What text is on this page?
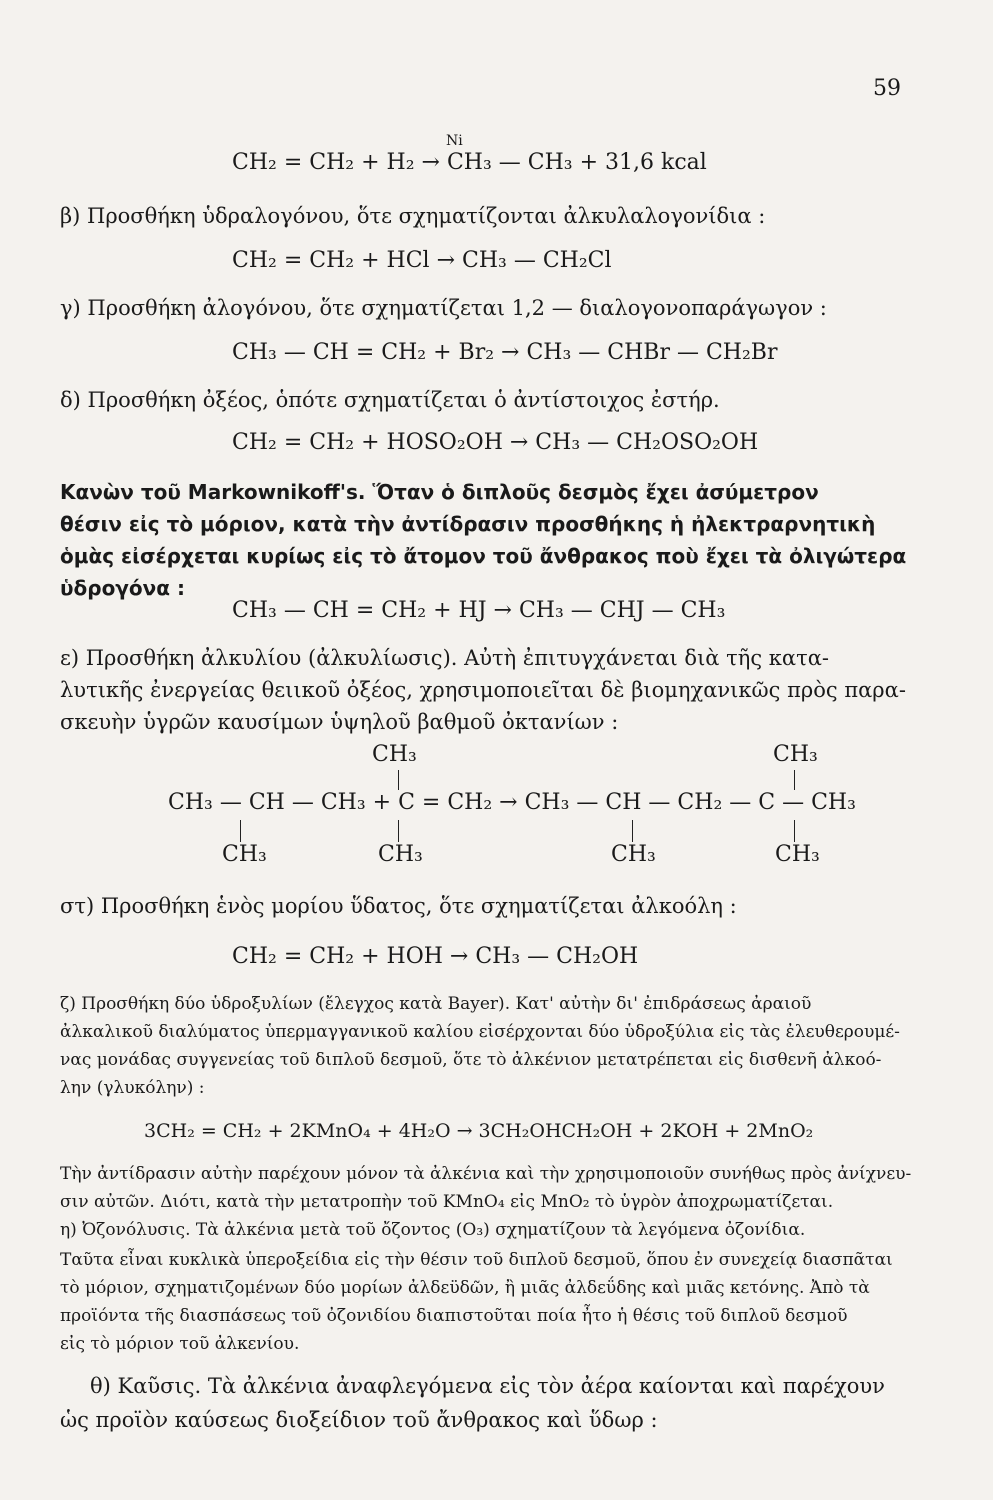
59
Ni
CH₂ = CH₂ + H₂ → CH₃ — CH₃ + 31,6 kcal
β) Προσθήκη ὑδραλογόνου, ὅτε σχηματίζονται ἀλκυλαλογονίδια :
CH₂ = CH₂ + HCl → CH₃ — CH₂Cl
γ) Προσθήκη ἀλογόνου, ὅτε σχηματίζεται 1,2 — διαλογονοπαράγωγον :
CH₃ — CH = CH₂ + Br₂ → CH₃ — CHBr — CH₂Br
δ) Προσθήκη ὀξέος, ὁπότε σχηματίζεται ὁ ἀντίστοιχος ἐστήρ.
CH₂ = CH₂ + HOSO₂OH → CH₃ — CH₂OSO₂OH
Κανὼν τοῦ Markownikoff's. Ὅταν ὁ διπλοῦς δεσμὸς ἔχει ἀσύμετρον
θέσιν εἰς τὸ μόριον, κατὰ τὴν ἀντίδρασιν προσθήκης ἡ ἠλεκτραρνητικὴ
ὁμὰς εἰσέρχεται κυρίως εἰς τὸ ἄτομον τοῦ ἄνθρακος ποὺ ἔχει τὰ ὀλιγώτερα
ὑδρογόνα :
CH₃ — CH = CH₂ + HJ → CH₃ — CHJ — CH₃
ε) Προσθήκη ἀλκυλίου (ἀλκυλίωσις). Αὐτὴ ἐπιτυγχάνεται διὰ τῆς κατα-
λυτικῆς ἐνεργείας θειικοῦ ὀξέος, χρησιμοποιεῖται δὲ βιομηχανικῶς πρὸς παρα-
σκευὴν ὑγρῶν καυσίμων ὑψηλοῦ βαθμοῦ ὀκτανίων :
CH₃	CH₃
CH₃ — CH — CH₃ + C = CH₂ → CH₃ — CH — CH₂ — C — CH₃
CH₃	CH₃	CH₃	CH₃
στ) Προσθήκη ἑνὸς μορίου ὕδατος, ὅτε σχηματίζεται ἀλκοόλη :
CH₂ = CH₂ + HOH → CH₃ — CH₂OH
ζ) Προσθήκη δύο ὑδροξυλίων (ἔλεγχος κατὰ Bayer). Κατ' αὐτὴν δι' ἐπιδράσεως ἀραιοῦ
ἀλκαλικοῦ διαλύματος ὑπερμαγγανικοῦ καλίου εἰσέρχονται δύο ὑδροξύλια εἰς τὰς ἐλευθερουμέ-
νας μονάδας συγγενείας τοῦ διπλοῦ δεσμοῦ, ὅτε τὸ ἀλκένιον μετατρέπεται εἰς δισθενῆ ἀλκοό-
λην (γλυκόλην) :
3CH₂ = CH₂ + 2KMnO₄ + 4H₂O → 3CH₂OHCH₂OH + 2KOH + 2MnO₂
Τὴν ἀντίδρασιν αὐτὴν παρέχουν μόνον τὰ ἀλκένια καὶ τὴν χρησιμοποιοῦν συνήθως πρὸς ἀνίχνευ-
σιν αὐτῶν. Διότι, κατὰ τὴν μετατροπὴν τοῦ KMnO₄ εἰς MnO₂ τὸ ὑγρὸν ἀποχρωματίζεται.
η) Ὀζονόλυσις. Τὰ ἀλκένια μετὰ τοῦ ὄζοντος (O₃) σχηματίζουν τὰ λεγόμενα ὀζονίδια.
Ταῦτα εἶναι κυκλικὰ ὑπεροξείδια εἰς τὴν θέσιν τοῦ διπλοῦ δεσμοῦ, ὅπου ἐν συνεχείᾳ διασπᾶται
τὸ μόριον, σχηματιζομένων δύο μορίων ἀλδεϋδῶν, ἢ μιᾶς ἀλδεΰδης καὶ μιᾶς κετόνης. Ἀπὸ τὰ
προϊόντα τῆς διασπάσεως τοῦ ὀζονιδίου διαπιστοῦται ποία ἦτο ἡ θέσις τοῦ διπλοῦ δεσμοῦ
εἰς τὸ μόριον τοῦ ἀλκενίου.
θ) Καῦσις. Τὰ ἀλκένια ἀναφλεγόμενα εἰς τὸν ἀέρα καίονται καὶ παρέχουν
ὡς προϊὸν καύσεως διοξείδιον τοῦ ἄνθρακος καὶ ὕδωρ :
